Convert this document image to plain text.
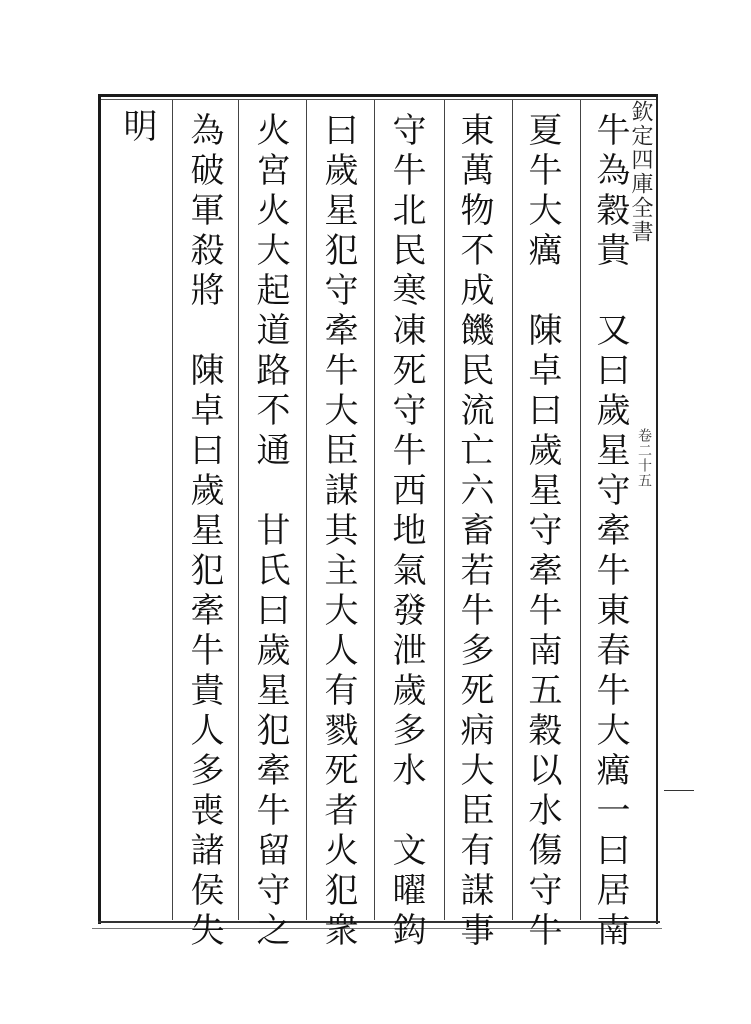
欽定四庫全書
卷二十五
牛為穀貴　又曰歲星守牽牛東春牛大癘一曰居南
夏牛大癘　陳卓曰歲星守牽牛南五穀以水傷守牛
東萬物不成饑民流亡六畜若牛多死病大臣有謀事
守牛北民寒凍死守牛西地氣發泄歲多水　文曜鈎
曰歲星犯守牽牛大臣謀其主大人有戮死者火犯衆
火宮火大起道路不通　甘氏曰歲星犯牽牛留守之
為破軍殺將　陳卓曰歲星犯牽牛貴人多喪諸侯失
明
